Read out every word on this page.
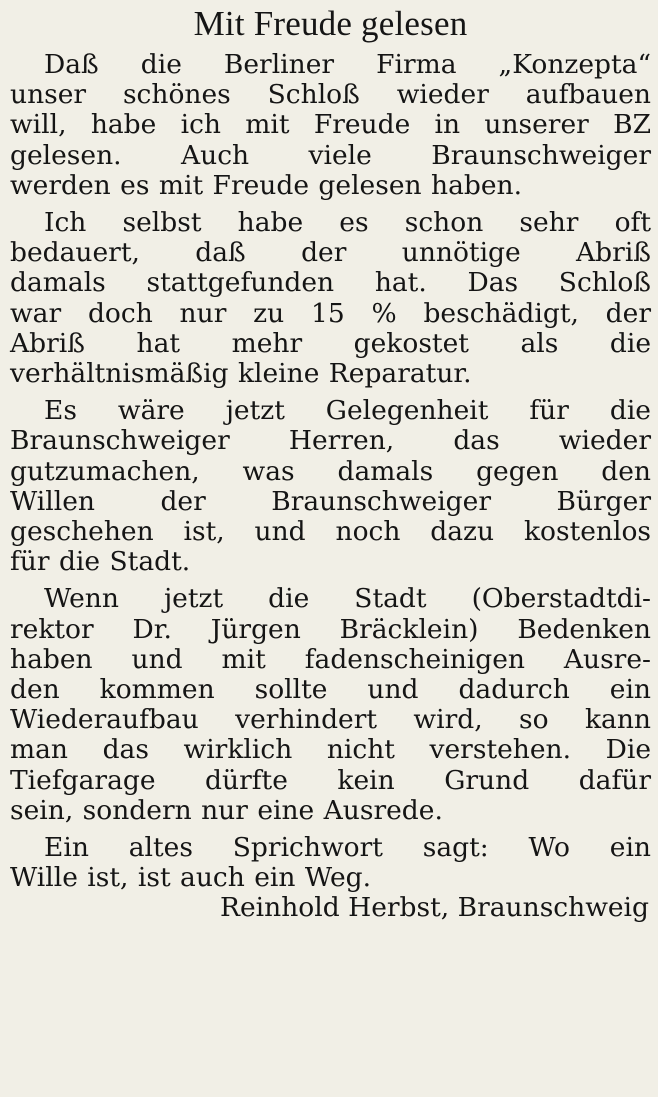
Mit Freude gelesen

Daß die Berliner Firma „Konzepta“
unser schönes Schloß wieder aufbauen
will, habe ich mit Freude in unserer BZ
gelesen. Auch viele Braunschweiger
werden es mit Freude gelesen haben.

Ich selbst habe es schon sehr oft
bedauert, daß der unnötige Abriß
damals stattgefunden hat. Das Schloß
war doch nur zu 15 % beschädigt, der
Abriß hat mehr gekostet als die
verhältnismäßig kleine Reparatur.

Es wäre jetzt Gelegenheit für die
Braunschweiger Herren, das wieder
gutzumachen, was damals gegen den
Willen der Braunschweiger Bürger
geschehen ist, und noch dazu kostenlos
für die Stadt.

Wenn jetzt die Stadt (Oberstadtdi-
rektor Dr. Jürgen Bräcklein) Bedenken
haben und mit fadenscheinigen Ausre-
den kommen sollte und dadurch ein
Wiederaufbau verhindert wird, so kann
man das wirklich nicht verstehen. Die
Tiefgarage dürfte kein Grund dafür
sein, sondern nur eine Ausrede.

Ein altes Sprichwort sagt: Wo ein
Wille ist, ist auch ein Weg.

Reinhold Herbst, Braunschweig
